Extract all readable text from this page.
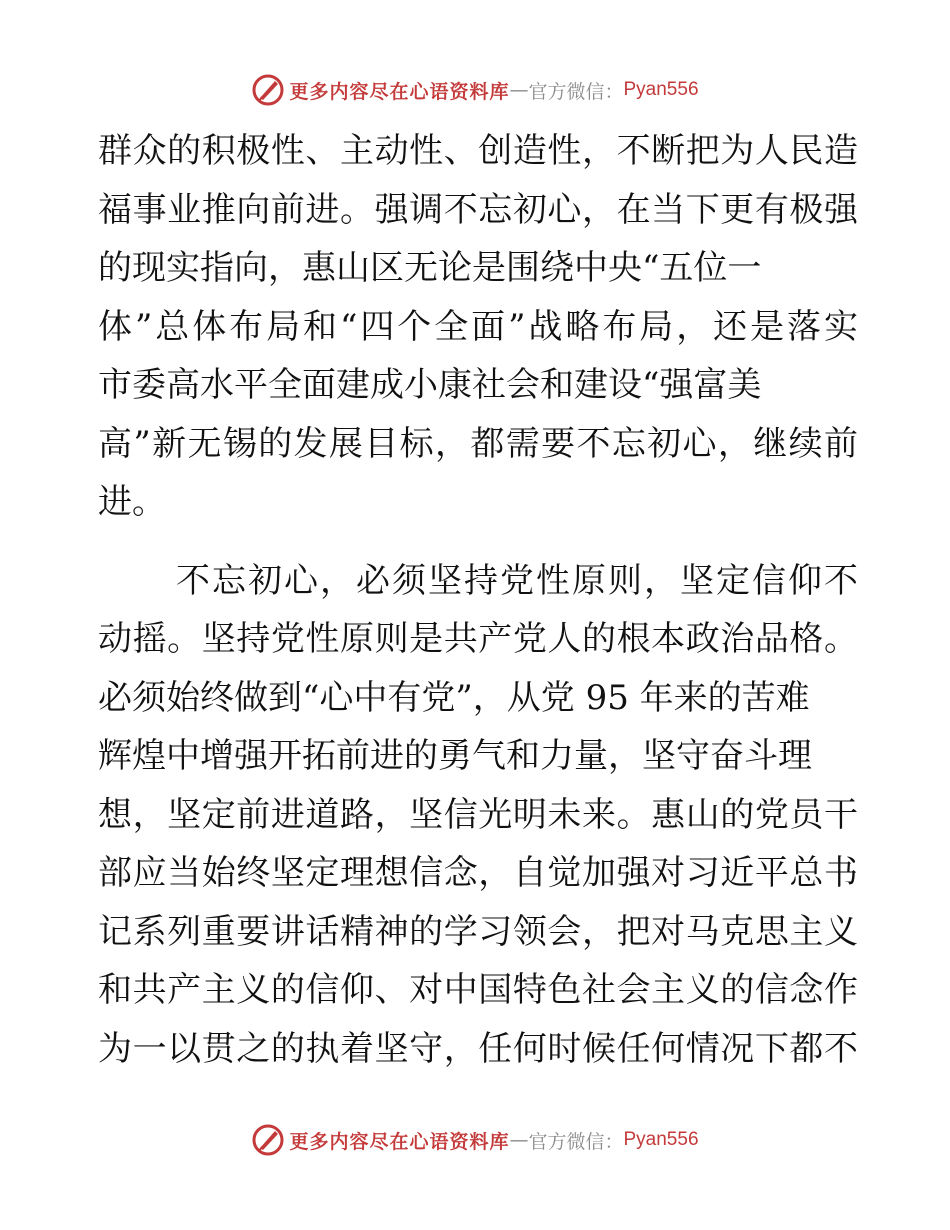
更多内容尽在心语资料库 — 官方微信： Pyan556
群众的积极性、主动性、创造性，不断把为人民造
福事业推向前进。强调不忘初心，在当下更有极强
的现实指向，惠山区无论是围绕中央“五位一
体”总体布局和“四个全面”战略布局，还是落实
市委高水平全面建成小康社会和建设“强富美
高”新无锡的发展目标，都需要不忘初心，继续前
进。
不忘初心，必须坚持党性原则，坚定信仰不
动摇。坚持党性原则是共产党人的根本政治品格。
必须始终做到“心中有党”，从党 95 年来的苦难
辉煌中增强开拓前进的勇气和力量，坚守奋斗理
想，坚定前进道路，坚信光明未来。惠山的党员干
部应当始终坚定理想信念，自觉加强对习近平总书
记系列重要讲话精神的学习领会，把对马克思主义
和共产主义的信仰、对中国特色社会主义的信念作
为一以贯之的执着坚守，任何时候任何情况下都不
更多内容尽在心语资料库 — 官方微信： Pyan556
